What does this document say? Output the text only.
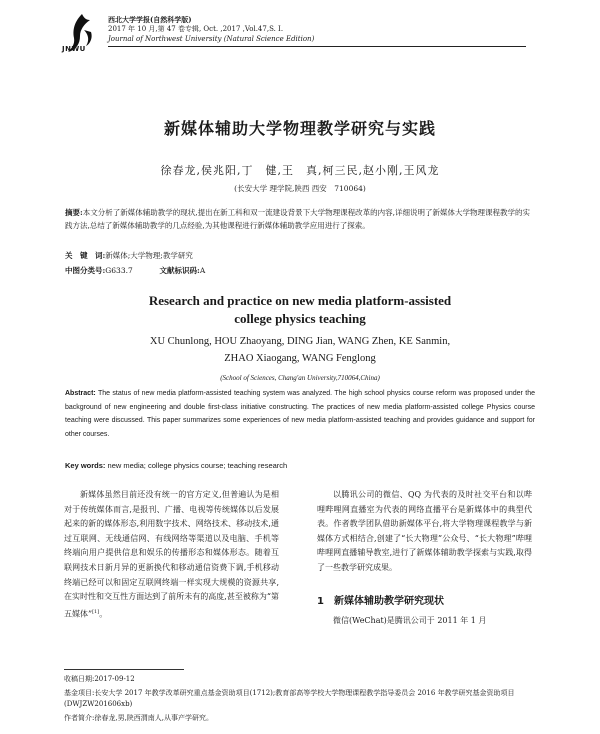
JNWU
西北大学学报(自然科学版)
2017 年 10 月,第 47 卷专辑, Oct. ,2017 ,Vol.47,S. I.
Journal of Northwest University (Natural Science Edition)
新媒体辅助大学物理教学研究与实践
徐春龙,侯兆阳,丁　健,王　真,柯三民,赵小刚,王风龙
(长安大学 理学院,陕西 西安　710064)
摘要:本文分析了新媒体辅助教学的现状,提出在新工科和双一流建设背景下大学物理课程改革的内容,详细说明了新媒体大学物理课程教学的实践方法,总结了新媒体辅助教学的几点经验,为其他课程进行新媒体辅助教学应用进行了探索。
关　键　词:新媒体;大学物理;教学研究
中图分类号:G633.7	文献标识码:A
Research and practice on new media platform-assisted
college physics teaching
XU Chunlong, HOU Zhaoyang, DING Jian, WANG Zhen, KE Sanmin,
ZHAO Xiaogang, WANG Fenglong
(School of Sciences, Chang'an University,710064,China)
Abstract: The status of new media platform-assisted teaching system was analyzed. The high school physics course reform was proposed under the background of new engineering and double first-class initiative constructing. The practices of new media platform-assisted college Physics course teaching were discussed. This paper summarizes some experiences of new media platform-assisted teaching and provides guidance and support for other courses.
Key words: new media; college physics course; teaching research

新媒体虽然目前还没有统一的官方定义,但普遍认为是相对于传统媒体而言,是报刊、广播、电视等传统媒体以后发展起来的新的媒体形态,利用数字技术、网络技术、移动技术,通过互联网、无线通信网、有线网络等渠道以及电脑、手机等终端向用户提供信息和娱乐的传播形态和媒体形态。随着互联网技术日新月异的更新换代和移动通信资费下调,手机移动终端已经可以和固定互联网终端一样实现大规模的资源共享,在实时性和交互性方面达到了前所未有的高度,甚至被称为“第五媒体”[1]。

以腾讯公司的微信、QQ 为代表的及时社交平台和以哔哩哔哩网直播室为代表的网络直播平台是新媒体中的典型代表。作者教学团队借助新媒体平台,将大学物理课程教学与新媒体方式相结合,创建了“长大物理”公众号、“长大物理”哔哩哔哩网直播辅导教室,进行了新媒体辅助教学探索与实践,取得了一些教学研究成果。

1　新媒体辅助教学研究现状
微信(WeChat)是腾讯公司于 2011 年 1 月
收稿日期:2017-09-12
基金项目:长安大学 2017 年教学改革研究重点基金资助项目(1712);教育部高等学校大学物理课程教学指导委员会 2016 年教学研究基金资助项目(DWJZW201606xb)
作者简介:徐春龙,男,陕西渭南人,从事产学研究。
